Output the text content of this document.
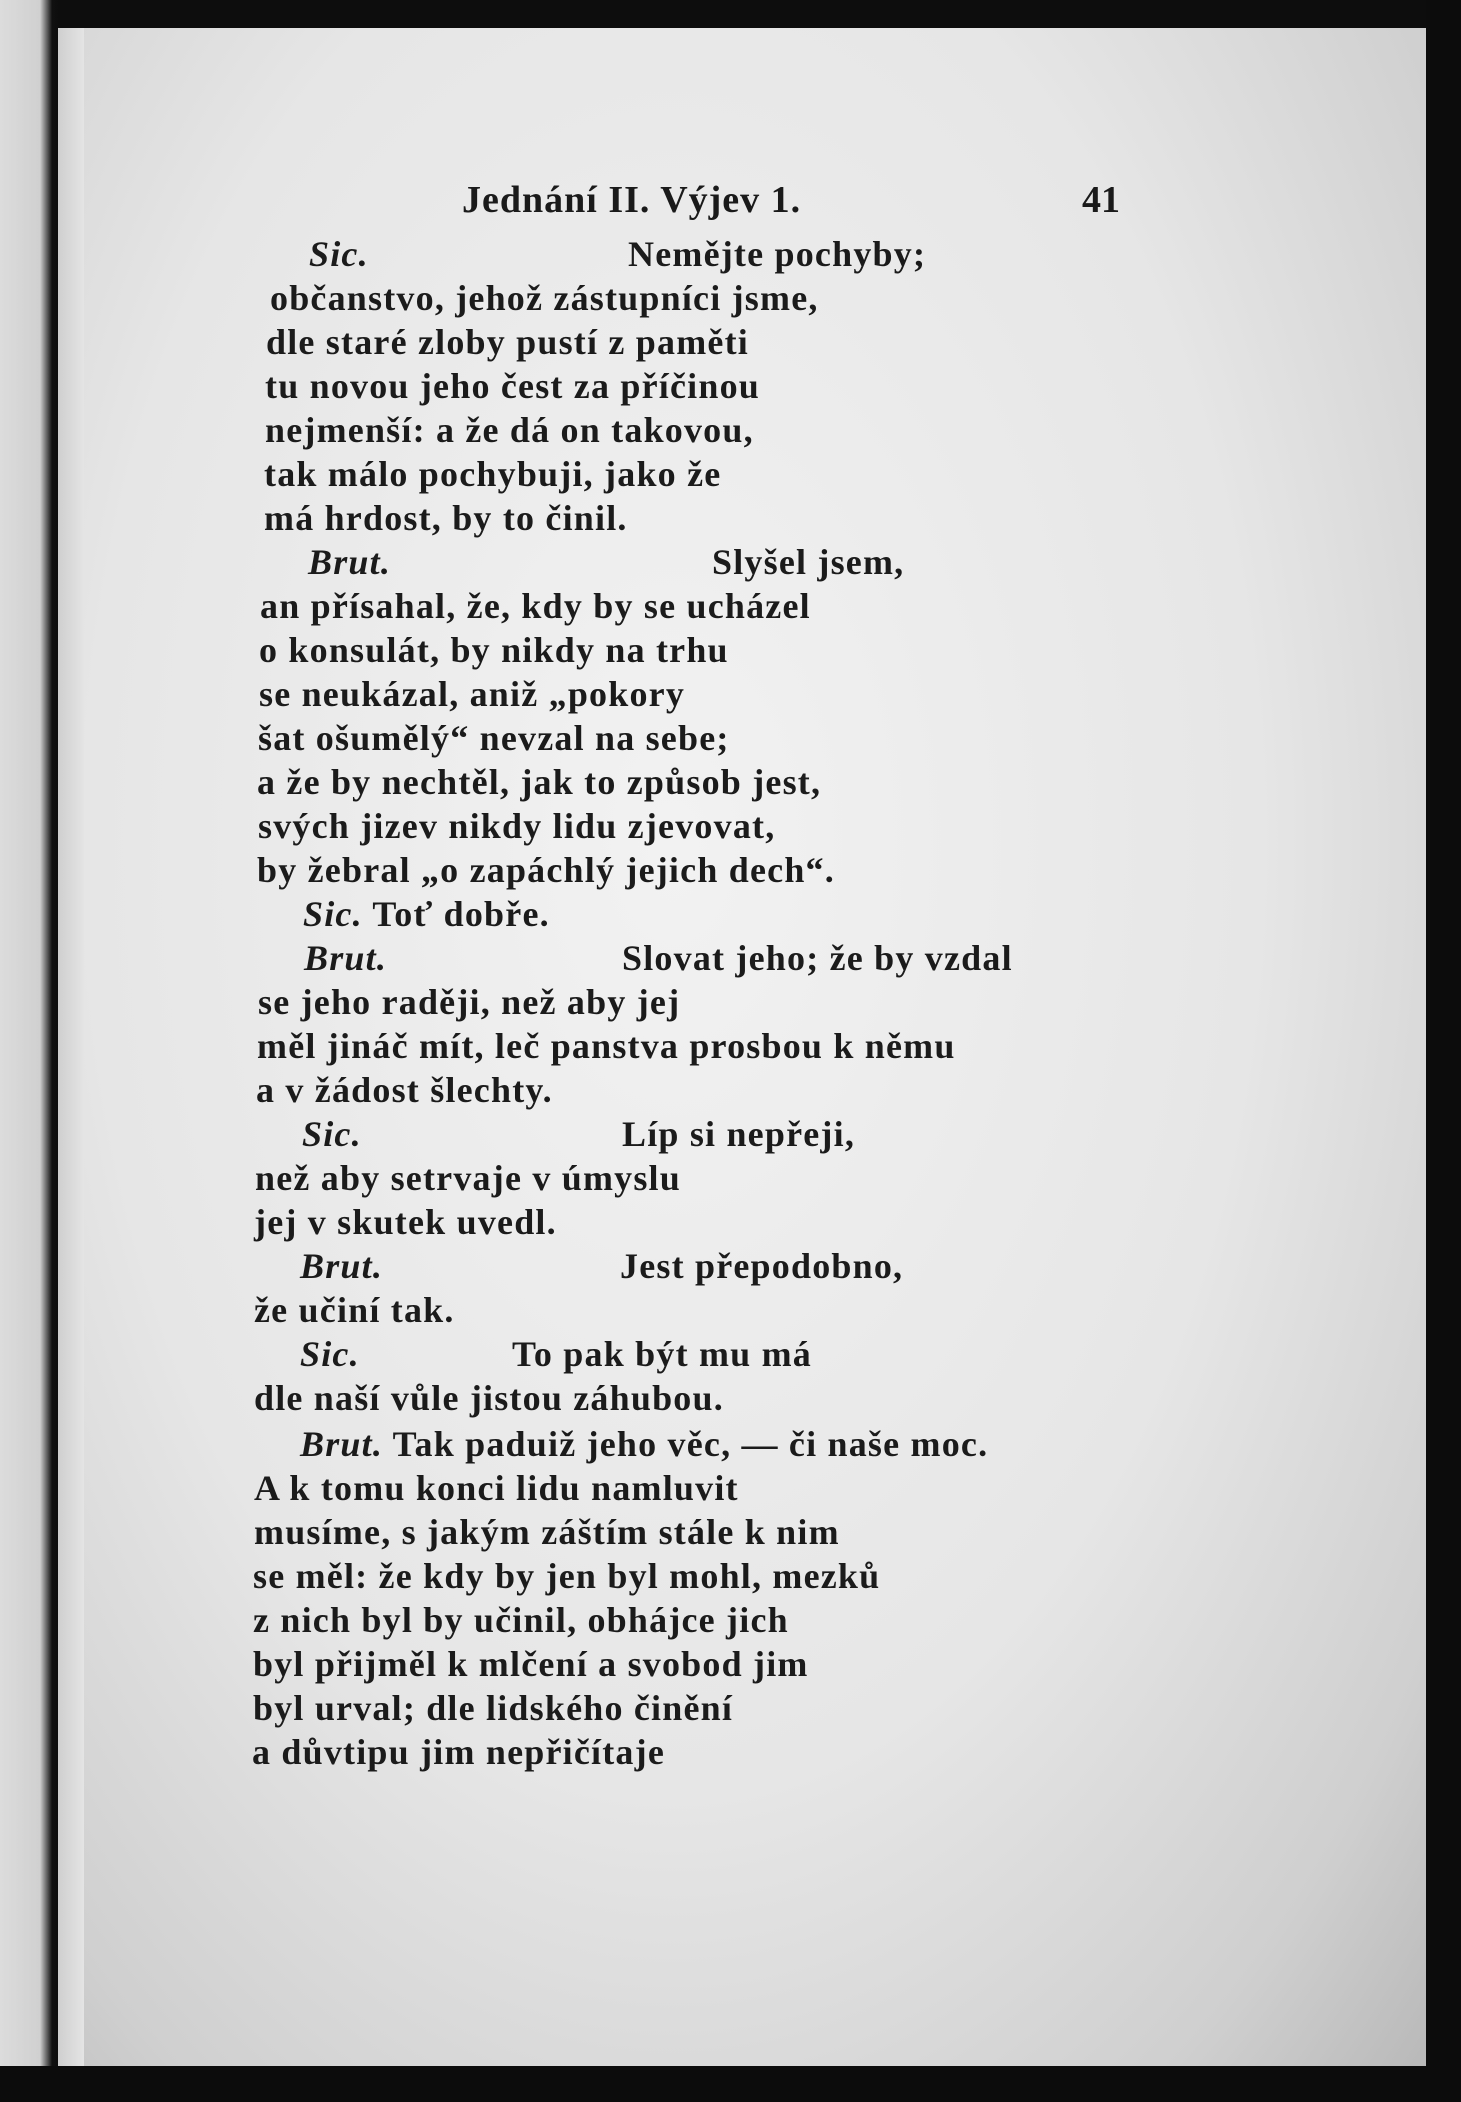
Jednání II. Výjev 1.	41
Sic.	Nemějte pochyby;
občanstvo, jehož zástupníci jsme,
dle staré zloby pustí z paměti
tu novou jeho čest za příčinou
nejmenší: a že dá on takovou,
tak málo pochybuji, jako že
má hrdost, by to činil.
Brut.	Slyšel jsem,
an přísahal, že, kdy by se ucházel
o konsulát, by nikdy na trhu
se neukázal, aniž „pokory
šat ošumělý“ nevzal na sebe;
a že by nechtěl, jak to způsob jest,
svých jizev nikdy lidu zjevovat,
by žebral „o zapáchlý jejich dech“.
Sic. Toť dobře.
Brut.	Slovat jeho; že by vzdal
se jeho raději, než aby jej
měl jináč mít, leč panstva prosbou k němu
a v žádost šlechty.
Sic.	Líp si nepřeji,
než aby setrvaje v úmyslu
jej v skutek uvedl.
Brut.	Jest přepodobno,
že učiní tak.
Sic.	To pak být mu má
dle naší vůle jistou záhubou.
Brut. Tak paduiž jeho věc, — či naše moc.
A k tomu konci lidu namluvit
musíme, s jakým záštím stále k nim
se měl: že kdy by jen byl mohl, mezků
z nich byl by učinil, obhájce jich
byl přijměl k mlčení a svobod jim
byl urval; dle lidského činění
a důvtipu jim nepřičítaje
